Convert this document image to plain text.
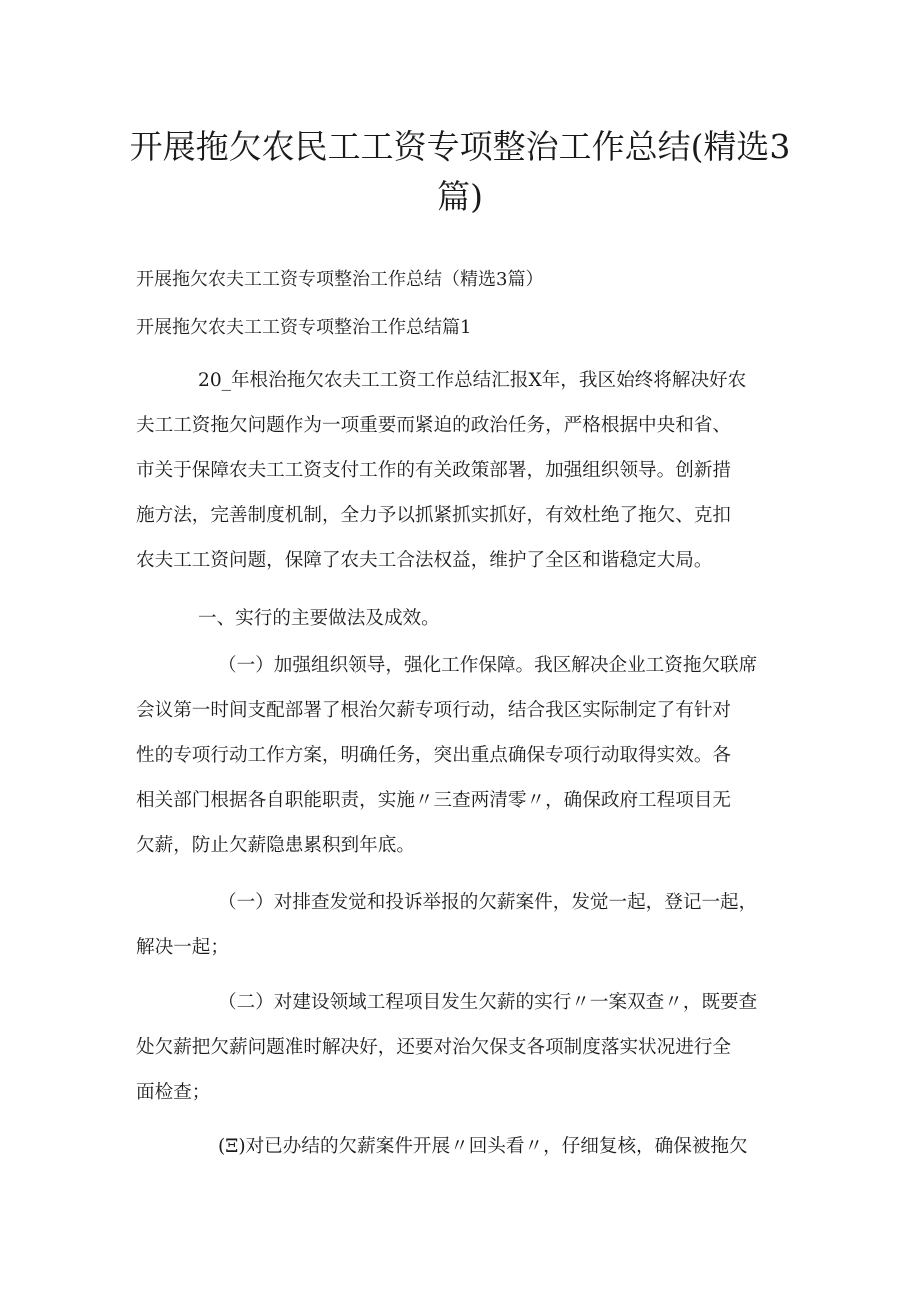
开展拖欠农民工工资专项整治工作总结(精选3
篇)

开展拖欠农夫工工资专项整治工作总结（精选3篇）

开展拖欠农夫工工资专项整治工作总结篇1

20_年根治拖欠农夫工工资工作总结汇报X年，我区始终将解决好农
夫工工资拖欠问题作为一项重要而紧迫的政治任务，严格根据中央和省、
市关于保障农夫工工资支付工作的有关政策部署，加强组织领导。创新措
施方法，完善制度机制，全力予以抓紧抓实抓好，有效杜绝了拖欠、克扣
农夫工工资问题，保障了农夫工合法权益，维护了全区和谐稳定大局。
一、实行的主要做法及成效。
（一）加强组织领导，强化工作保障。我区解决企业工资拖欠联席
会议第一时间支配部署了根治欠薪专项行动，结合我区实际制定了有针对
性的专项行动工作方案，明确任务，突出重点确保专项行动取得实效。各
相关部门根据各自职能职责，实施〃三查两清零〃，确保政府工程项目无
欠薪，防止欠薪隐患累积到年底。
（一）对排查发觉和投诉举报的欠薪案件，发觉一起，登记一起，
解决一起；
（二）对建设领域工程项目发生欠薪的实行〃一案双查〃，既要查
处欠薪把欠薪问题准时解决好，还要对治欠保支各项制度落实状况进行全
面检查；
(Ξ)对已办结的欠薪案件开展〃回头看〃，仔细复核，确保被拖欠
